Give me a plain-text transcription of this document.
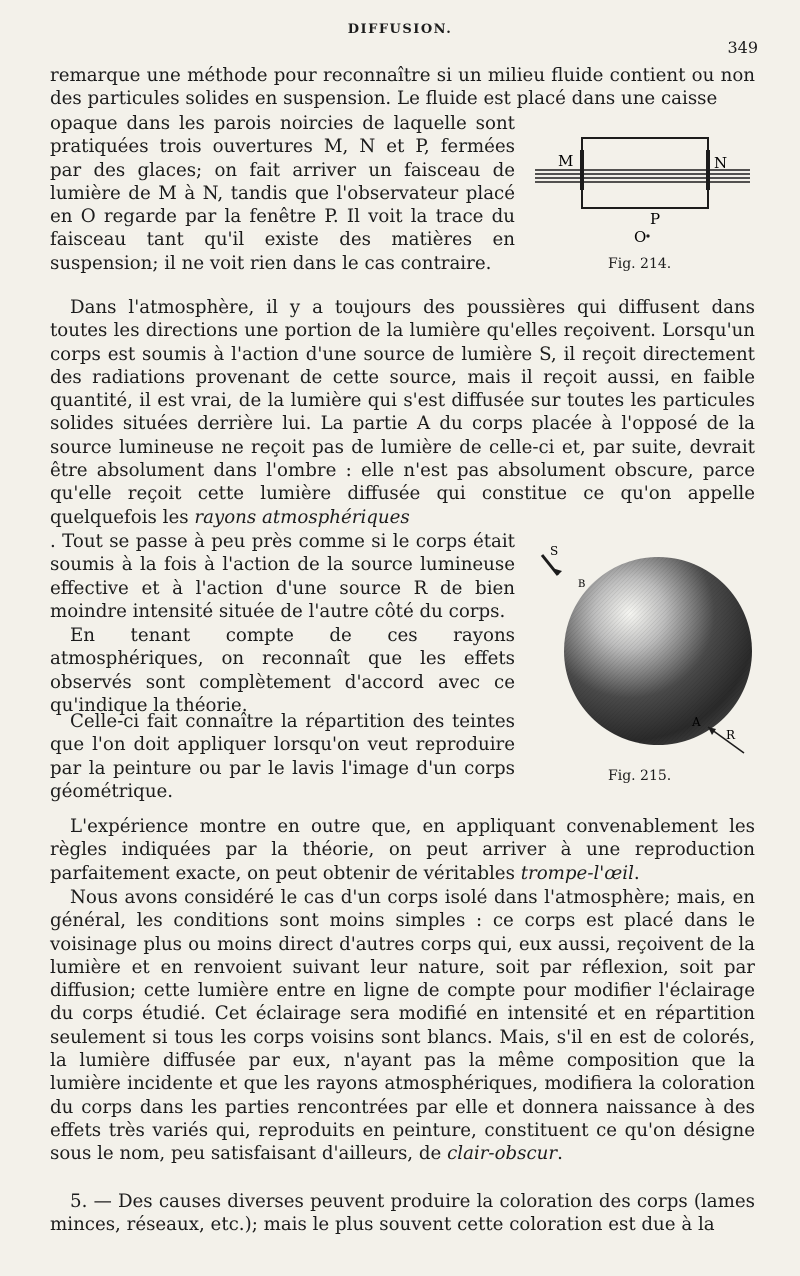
DIFFUSION.
349

remarque une méthode pour reconnaître si un milieu fluide contient ou non des particules solides en suspension. Le fluide est placé dans une caisse

opaque dans les parois noircies de laquelle sont pratiquées trois ouvertures M, N et P, fermées par des glaces; on fait arriver un faisceau de lumière de M à N, tandis que l'observateur placé en O regarde par la fenêtre P. Il voit la trace du faisceau tant qu'il existe des matières en suspension; il ne voit rien dans le cas contraire.

M	N
P
O
Fig. 214.

Dans l'atmosphère, il y a toujours des poussières qui diffusent dans toutes les directions une portion de la lumière qu'elles reçoivent. Lorsqu'un corps est soumis à l'action d'une source de lumière S, il reçoit directement des radiations provenant de cette source, mais il reçoit aussi, en faible quantité, il est vrai, de la lumière qui s'est diffusée sur toutes les particules solides situées derrière lui. La partie A du corps placée à l'opposé de la source lumineuse ne reçoit pas de lumière de celle-ci et, par suite, devrait être absolument dans l'ombre : elle n'est pas absolument obscure, parce qu'elle reçoit cette lumière diffusée qui constitue ce qu'on appelle quelquefois les rayons atmosphériques

. Tout se passe à peu près comme si le corps était soumis à la fois à l'action de la source lumineuse effective et à l'action d'une source R de bien moindre intensité située de l'autre côté du corps.

En tenant compte de ces rayons atmosphériques, on reconnaît que les effets observés sont complètement d'accord avec ce qu'indique la théorie.

Celle-ci fait connaître la répartition des teintes que l'on doit appliquer lorsqu'on veut reproduire par la peinture ou par le lavis l'image d'un corps géométrique.

S
B
A
R
Fig. 215.

L'expérience montre en outre que, en appliquant convenablement les règles indiquées par la théorie, on peut arriver à une reproduction parfaitement exacte, on peut obtenir de véritables trompe-l'œil.

Nous avons considéré le cas d'un corps isolé dans l'atmosphère; mais, en général, les conditions sont moins simples : ce corps est placé dans le voisinage plus ou moins direct d'autres corps qui, eux aussi, reçoivent de la lumière et en renvoient suivant leur nature, soit par réflexion, soit par diffusion; cette lumière entre en ligne de compte pour modifier l'éclairage du corps étudié. Cet éclairage sera modifié en intensité et en répartition seulement si tous les corps voisins sont blancs. Mais, s'il en est de colorés, la lumière diffusée par eux, n'ayant pas la même composition que la lumière incidente et que les rayons atmosphériques, modifiera la coloration du corps dans les parties rencontrées par elle et donnera naissance à des effets très variés qui, reproduits en peinture, constituent ce qu'on désigne sous le nom, peu satisfaisant d'ailleurs, de clair-obscur.

5. — Des causes diverses peuvent produire la coloration des corps (lames minces, réseaux, etc.); mais le plus souvent cette coloration est due à la
